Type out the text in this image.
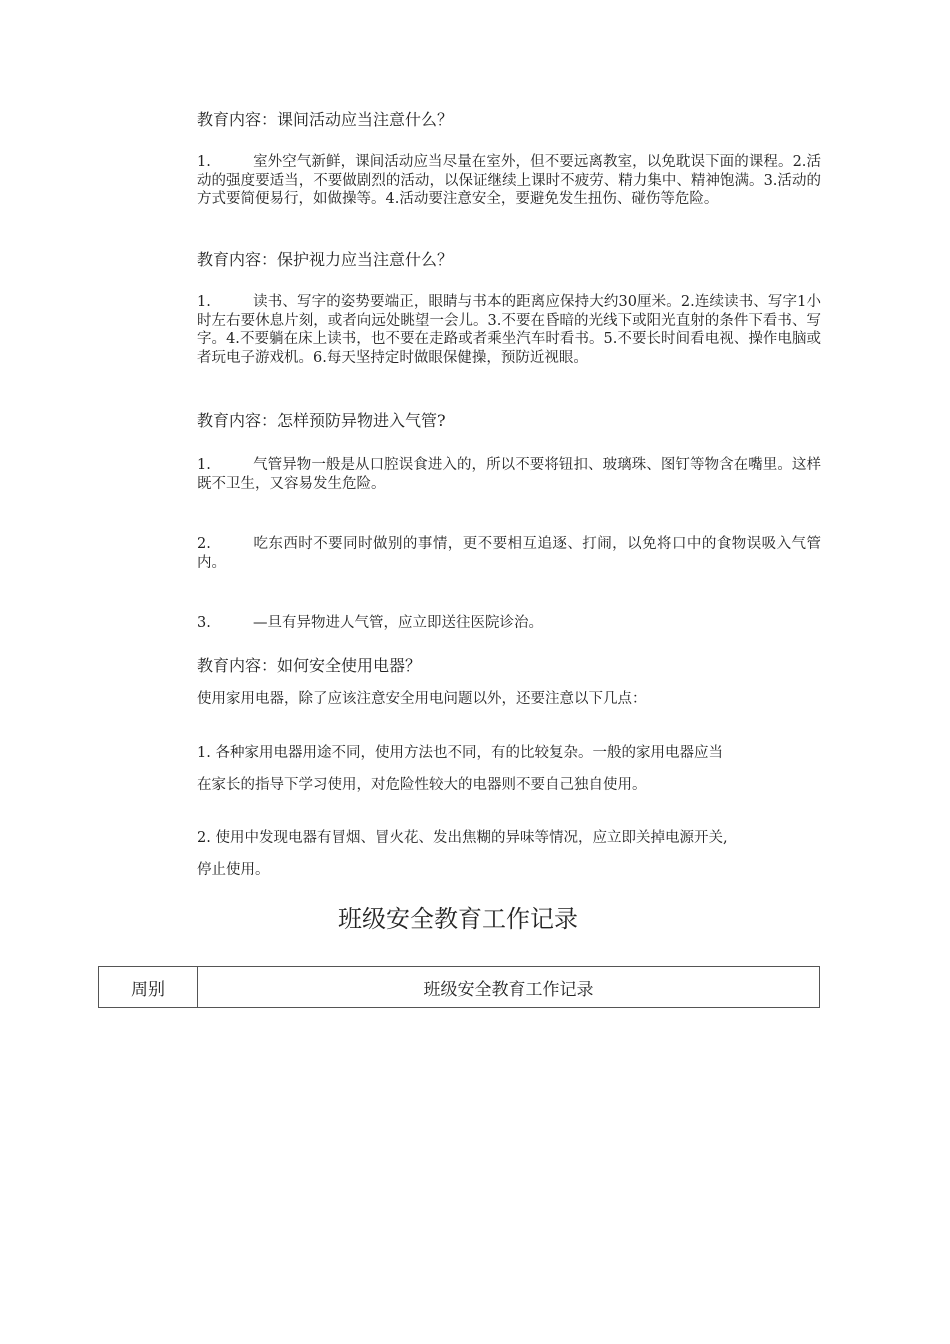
教育内容：课间活动应当注意什么？
1.	室外空气新鲜，课间活动应当尽量在室外，但不要远离教室，以免耽误下面的课程。2.活动的强度要适当，不要做剧烈的活动，以保证继续上课时不疲劳、精力集中、精神饱满。3.活动的方式要简便易行，如做操等。4.活动要注意安全，要避免发生扭伤、碰伤等危险。
教育内容：保护视力应当注意什么？
1.	读书、写字的姿势要端正，眼睛与书本的距离应保持大约30厘米。2.连续读书、写字1小时左右要休息片刻，或者向远处眺望一会儿。3.不要在昏暗的光线下或阳光直射的条件下看书、写字。4.不要躺在床上读书，也不要在走路或者乘坐汽车时看书。5.不要长时间看电视、操作电脑或者玩电子游戏机。6.每天坚持定时做眼保健操，预防近视眼。
教育内容：怎样预防异物进入气管?
1.	气管异物一般是从口腔误食进入的，所以不要将钮扣、玻璃珠、图钉等物含在嘴里。这样既不卫生，又容易发生危险。
2.	吃东西时不要同时做别的事情，更不要相互追逐、打闹，以免将口中的食物误吸入气管内。
3.	—旦有异物进人气管，应立即送往医院诊治。
教育内容：如何安全使用电器？
使用家用电器，除了应该注意安全用电问题以外，还要注意以下几点：
1. 各种家用电器用途不同，使用方法也不同，有的比较复杂。一般的家用电器应当
在家长的指导下学习使用，对危险性较大的电器则不要自己独自使用。
2. 使用中发现电器有冒烟、冒火花、发出焦糊的异味等情况，应立即关掉电源开关,
停止使用。
班级安全教育工作记录
周别	班级安全教育工作记录
